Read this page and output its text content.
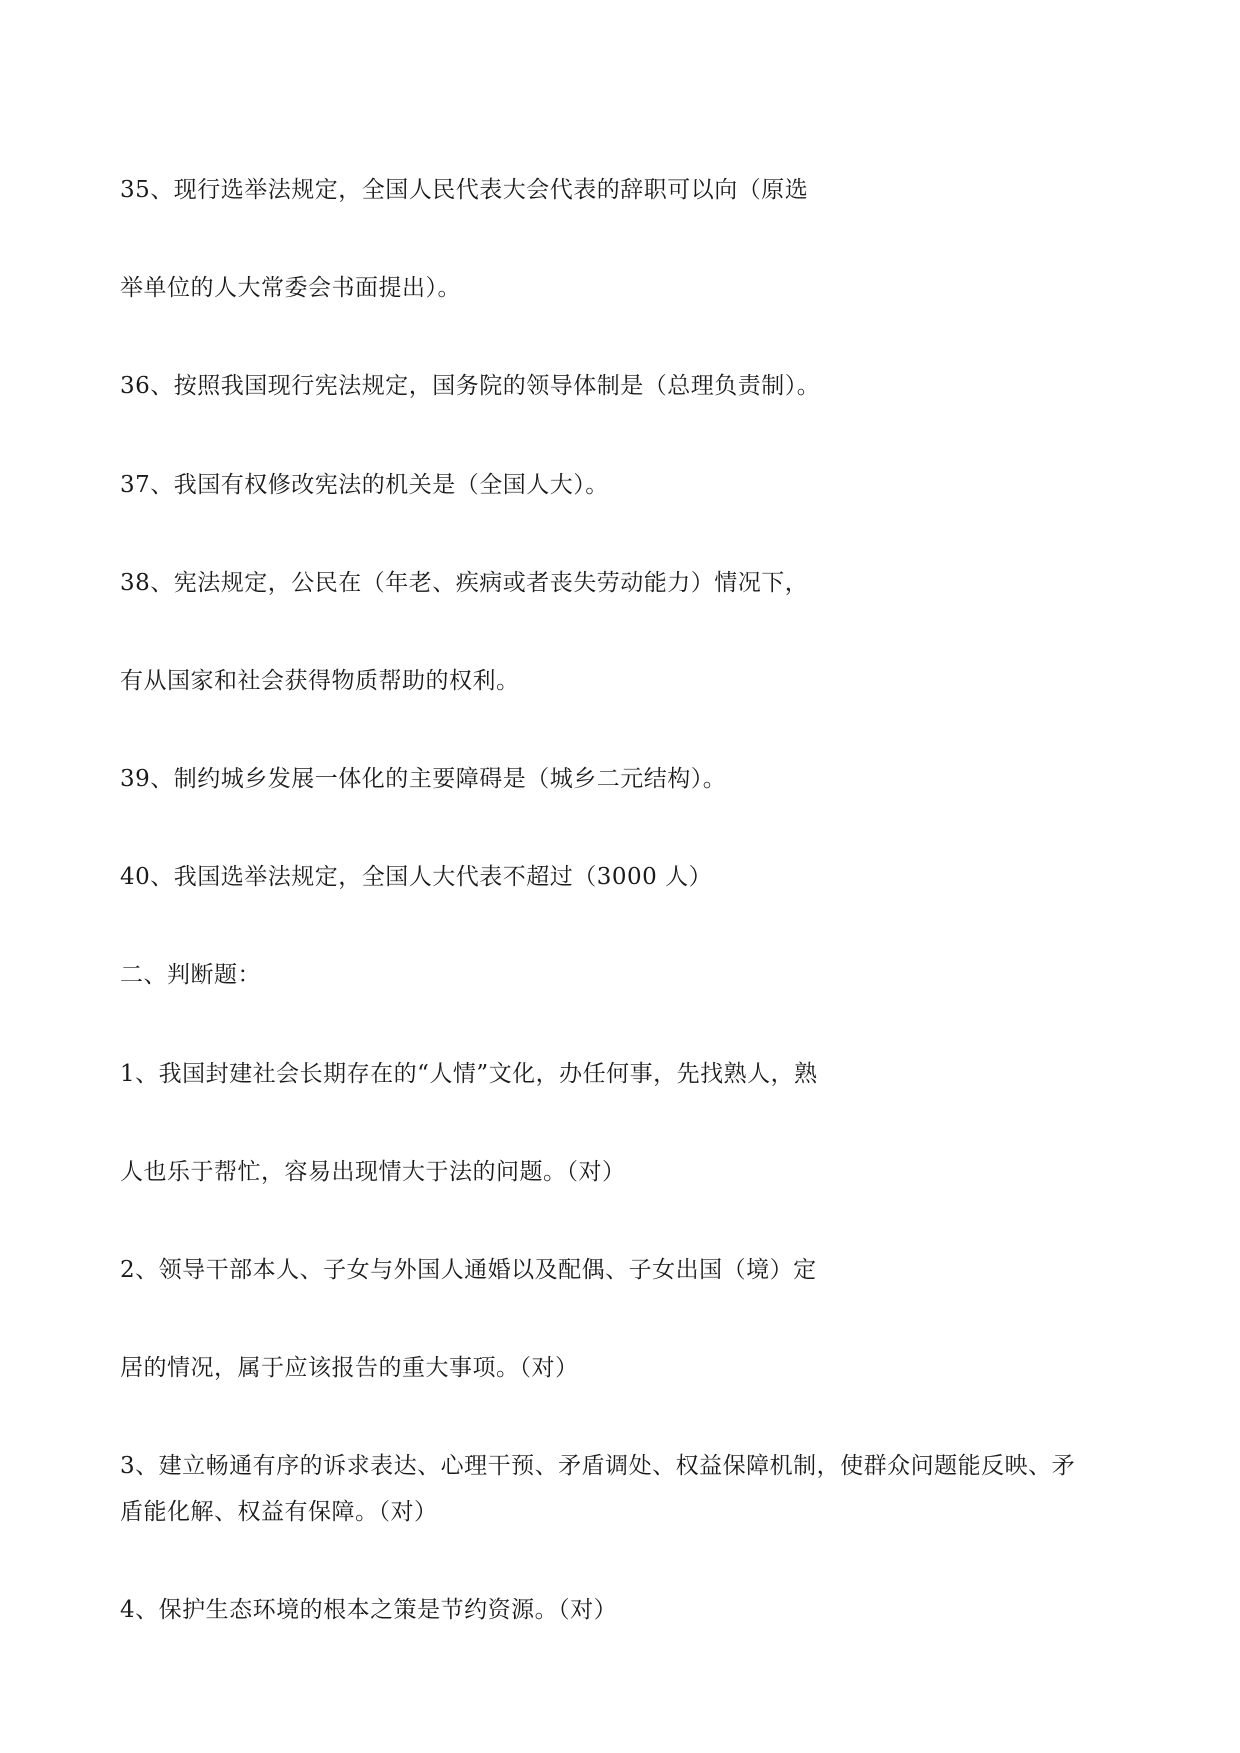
35、现行选举法规定，全国人民代表大会代表的辞职可以向（原选
举单位的人大常委会书面提出）。
36、按照我国现行宪法规定，国务院的领导体制是（总理负责制）。
37、我国有权修改宪法的机关是（全国人大）。
38、宪法规定，公民在（年老、疾病或者丧失劳动能力）情况下，
有从国家和社会获得物质帮助的权利。
39、制约城乡发展一体化的主要障碍是（城乡二元结构）。
40、我国选举法规定，全国人大代表不超过（3000 人）
二、判断题：
1、我国封建社会长期存在的“人情”文化，办任何事，先找熟人，熟
人也乐于帮忙，容易出现情大于法的问题。（对）
2、领导干部本人、子女与外国人通婚以及配偶、子女出国（境）定
居的情况，属于应该报告的重大事项。（对）
3、建立畅通有序的诉求表达、心理干预、矛盾调处、权益保障机制，使群众问题能反映、矛
盾能化解、权益有保障。（对）
4、保护生态环境的根本之策是节约资源。（对）
